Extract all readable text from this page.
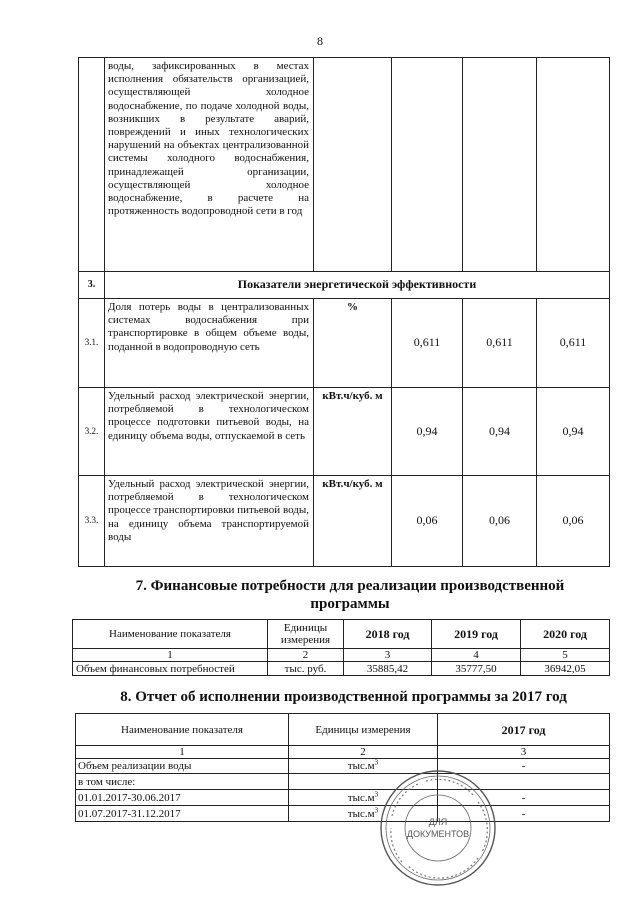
8
	воды, зафиксированных в местах исполнения обязательств организацией, осуществляющей холодное водоснабжение, по подаче холодной воды, возникших в результате аварий, повреждений и иных технологических нарушений на объектах централизованной системы холодного водоснабжения, принадлежащей организации, осуществляющей холодное водоснабжение, в расчете на протяженность водопроводной сети в год				
3.	Показатели энергетической эффективности				
3.1.	Доля потерь воды в централизованных системах водоснабжения при транспортировке в общем объеме воды, поданной в водопроводную сеть	%	0,611	0,611	0,611
3.2.	Удельный расход электрической энергии, потребляемой в технологическом процессе подготовки питьевой воды, на единицу объема воды, отпускаемой в сеть	кВт.ч/куб. м	0,94	0,94	0,94
3.3.	Удельный расход электрической энергии, потребляемой в технологическом процессе транспортировки питьевой воды, на единицу объема транспортируемой воды	кВт.ч/куб. м	0,06	0,06	0,06
7. Финансовые потребности для реализации производственной программы
Наименование показателя	Единицы измерения	2018 год	2019 год	2020 год
1	2	3	4	5
Объем финансовых потребностей	тыс. руб.	35885,42	35777,50	36942,05
8. Отчет об исполнении производственной программы за 2017 год
Наименование показателя	Единицы измерения	2017 год
1	2	3
Объем реализации воды	$тыс.м^3$	-
в том числе:		
01.01.2017-30.06.2017	$тыс.м^3$	-
01.07.2017-31.12.2017	$тыс.м^3$	-
ДЛЯ
ДОКУМЕНТОВ
